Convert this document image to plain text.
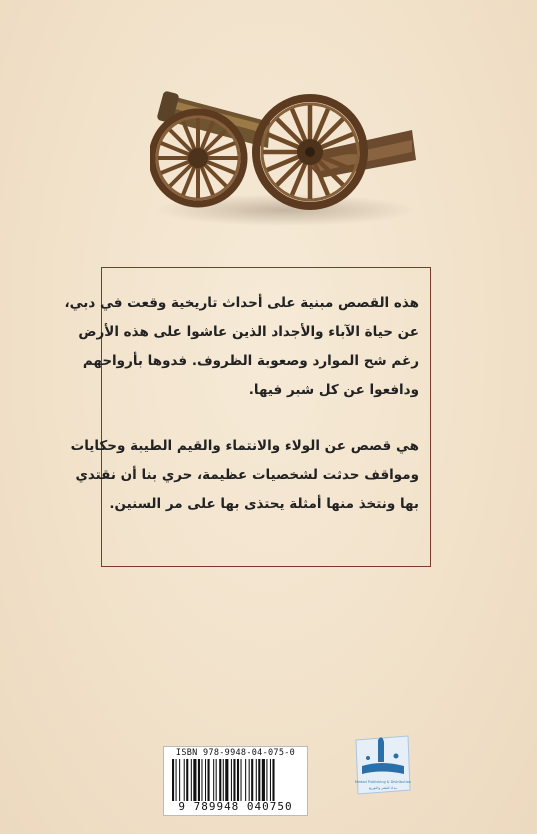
هذه القصص مبنية على أحداث تاريخية وقعت في دبي،

عن حياة الآباء والأجداد الذين عاشوا على هذه الأرض

رغم شح الموارد وصعوبة الظروف. فدوها بأرواحهم

ودافعوا عن كل شبر فيها.

هي قصص عن الولاء والانتماء والقيم الطيبة وحكايات

ومواقف حدثت لشخصيات عظيمة، حري بنا أن نقتدي

بها ونتخذ منها أمثلة يحتذى بها على مر السنين.

ISBN 978-9948-04-075-0
9 789948 040750
Medad Publishing & Distribution
مداد للنشر والتوزيع
